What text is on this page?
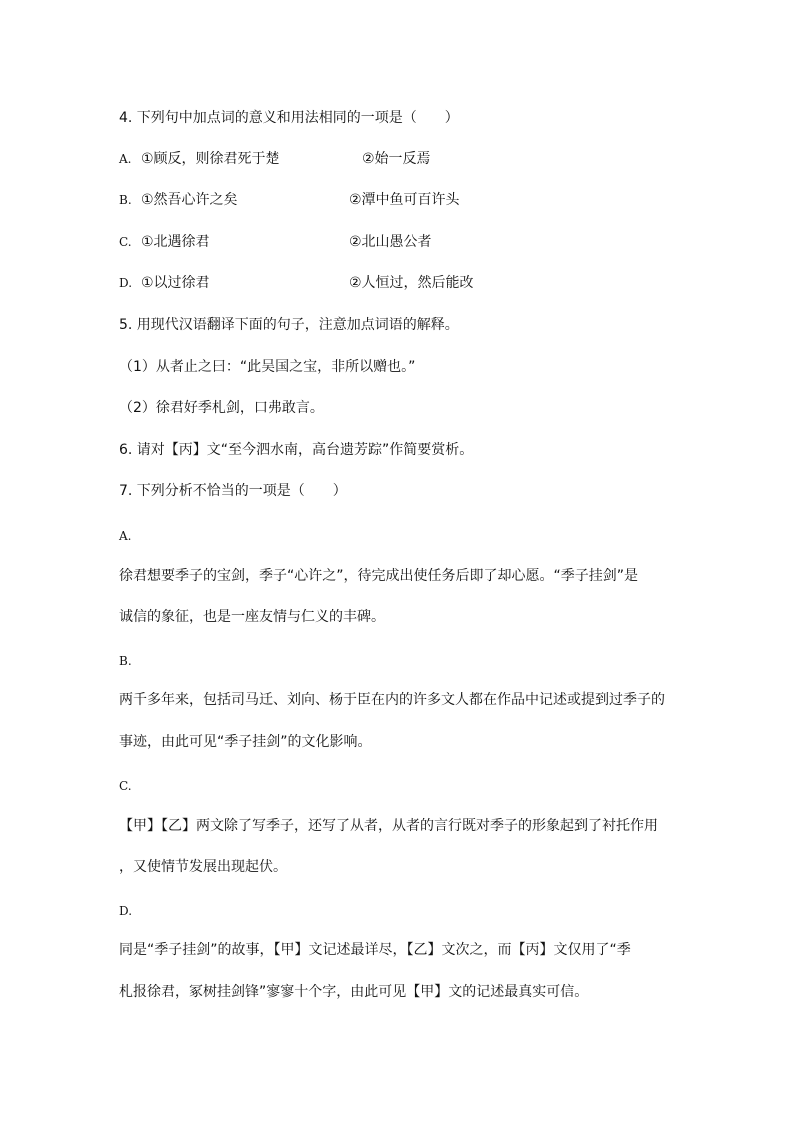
4. 下列句中加点词的意义和用法相同的一项是（　　）
A. ①顾反，则徐君死于楚	②始一反焉
B. ①然吾心许之矣	②潭中鱼可百许头
C. ①北遇徐君	②北山愚公者
D. ①以过徐君	②人恒过，然后能改
5. 用现代汉语翻译下面的句子，注意加点词语的解释。
（1）从者止之曰：“此吴国之宝，非所以赠也。”
（2）徐君好季札剑，口弗敢言。
6. 请对【丙】文“至今泗水南，高台遗芳踪”作简要赏析。
7. 下列分析不恰当的一项是（　　）
A.
徐君想要季子的宝剑，季子“心许之”，待完成出使任务后即了却心愿。“季子挂剑”是
诚信的象征，也是一座友情与仁义的丰碑。
B.
两千多年来，包括司马迁、刘向、杨于臣在内的许多文人都在作品中记述或提到过季子的
事迹，由此可见“季子挂剑”的文化影响。
C.
【甲】【乙】两文除了写季子，还写了从者，从者的言行既对季子的形象起到了衬托作用
，又使情节发展出现起伏。
D.
同是“季子挂剑”的故事，【甲】文记述最详尽，【乙】文次之，而【丙】文仅用了“季
札报徐君，冢树挂剑锋”寥寥十个字，由此可见【甲】文的记述最真实可信。
